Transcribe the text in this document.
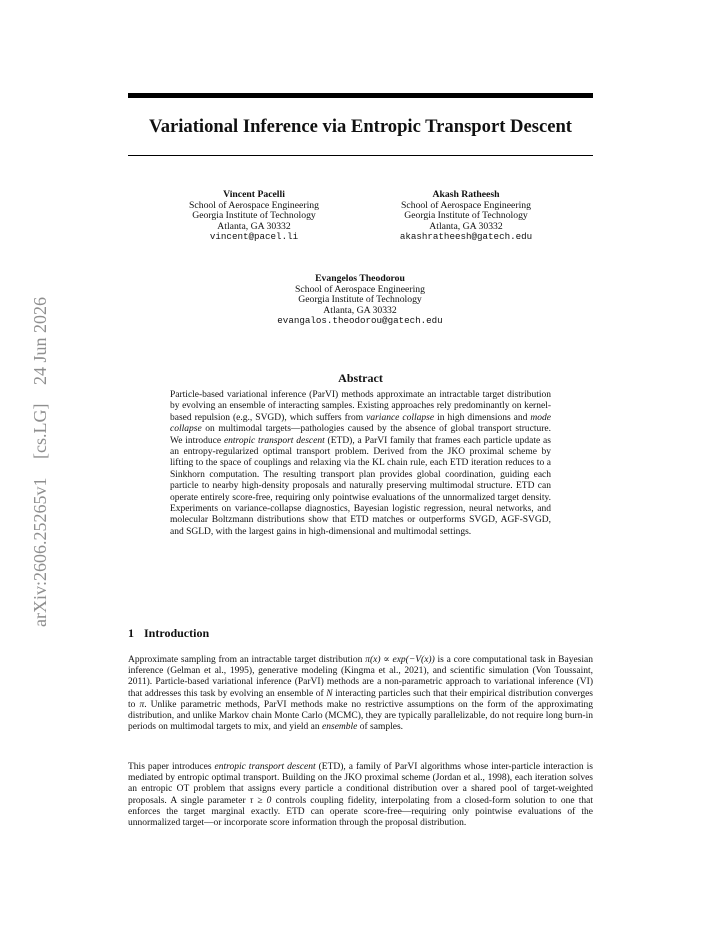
arXiv:2606.25265v1 [cs.LG] 24 Jun 2026
Variational Inference via Entropic Transport Descent
Vincent Pacelli
School of Aerospace Engineering
Georgia Institute of Technology
Atlanta, GA 30332
vincent@pacel.li
Akash Ratheesh
School of Aerospace Engineering
Georgia Institute of Technology
Atlanta, GA 30332
akashratheesh@gatech.edu
Evangelos Theodorou
School of Aerospace Engineering
Georgia Institute of Technology
Atlanta, GA 30332
evangalos.theodorou@gatech.edu
Abstract
Particle-based variational inference (ParVI) methods approximate an intractable target distribution by evolving an ensemble of interacting samples. Existing approaches rely predominantly on kernel-based repulsion (e.g., SVGD), which suffers from variance collapse in high dimensions and mode collapse on multimodal targets—pathologies caused by the absence of global transport structure. We introduce entropic transport descent (ETD), a ParVI family that frames each particle update as an entropy-regularized optimal transport problem. Derived from the JKO proximal scheme by lifting to the space of couplings and relaxing via the KL chain rule, each ETD iteration reduces to a Sinkhorn computation. The resulting transport plan provides global coordination, guiding each particle to nearby high-density proposals and naturally preserving multimodal structure. ETD can operate entirely score-free, requiring only pointwise evaluations of the unnormalized target density. Experiments on variance-collapse diagnostics, Bayesian logistic regression, neural networks, and molecular Boltzmann distributions show that ETD matches or outperforms SVGD, AGF-SVGD, and SGLD, with the largest gains in high-dimensional and multimodal settings.
1 Introduction
Approximate sampling from an intractable target distribution π(x) ∝ exp(−V(x)) is a core computational task in Bayesian inference (Gelman et al., 1995), generative modeling (Kingma et al., 2021), and scientific simulation (Von Toussaint, 2011). Particle-based variational inference (ParVI) methods are a non-parametric approach to variational inference (VI) that addresses this task by evolving an ensemble of N interacting particles such that their empirical distribution converges to π. Unlike parametric methods, ParVI methods make no restrictive assumptions on the form of the approximating distribution, and unlike Markov chain Monte Carlo (MCMC), they are typically parallelizable, do not require long burn-in periods on multimodal targets to mix, and yield an ensemble of samples.
This paper introduces entropic transport descent (ETD), a family of ParVI algorithms whose inter-particle interaction is mediated by entropic optimal transport. Building on the JKO proximal scheme (Jordan et al., 1998), each iteration solves an entropic OT problem that assigns every particle a conditional distribution over a shared pool of target-weighted proposals. A single parameter τ ≥ 0 controls coupling fidelity, interpolating from a closed-form solution to one that enforces the target marginal exactly. ETD can operate score-free—requiring only pointwise evaluations of the unnormalized target—or incorporate score information through the proposal distribution.
